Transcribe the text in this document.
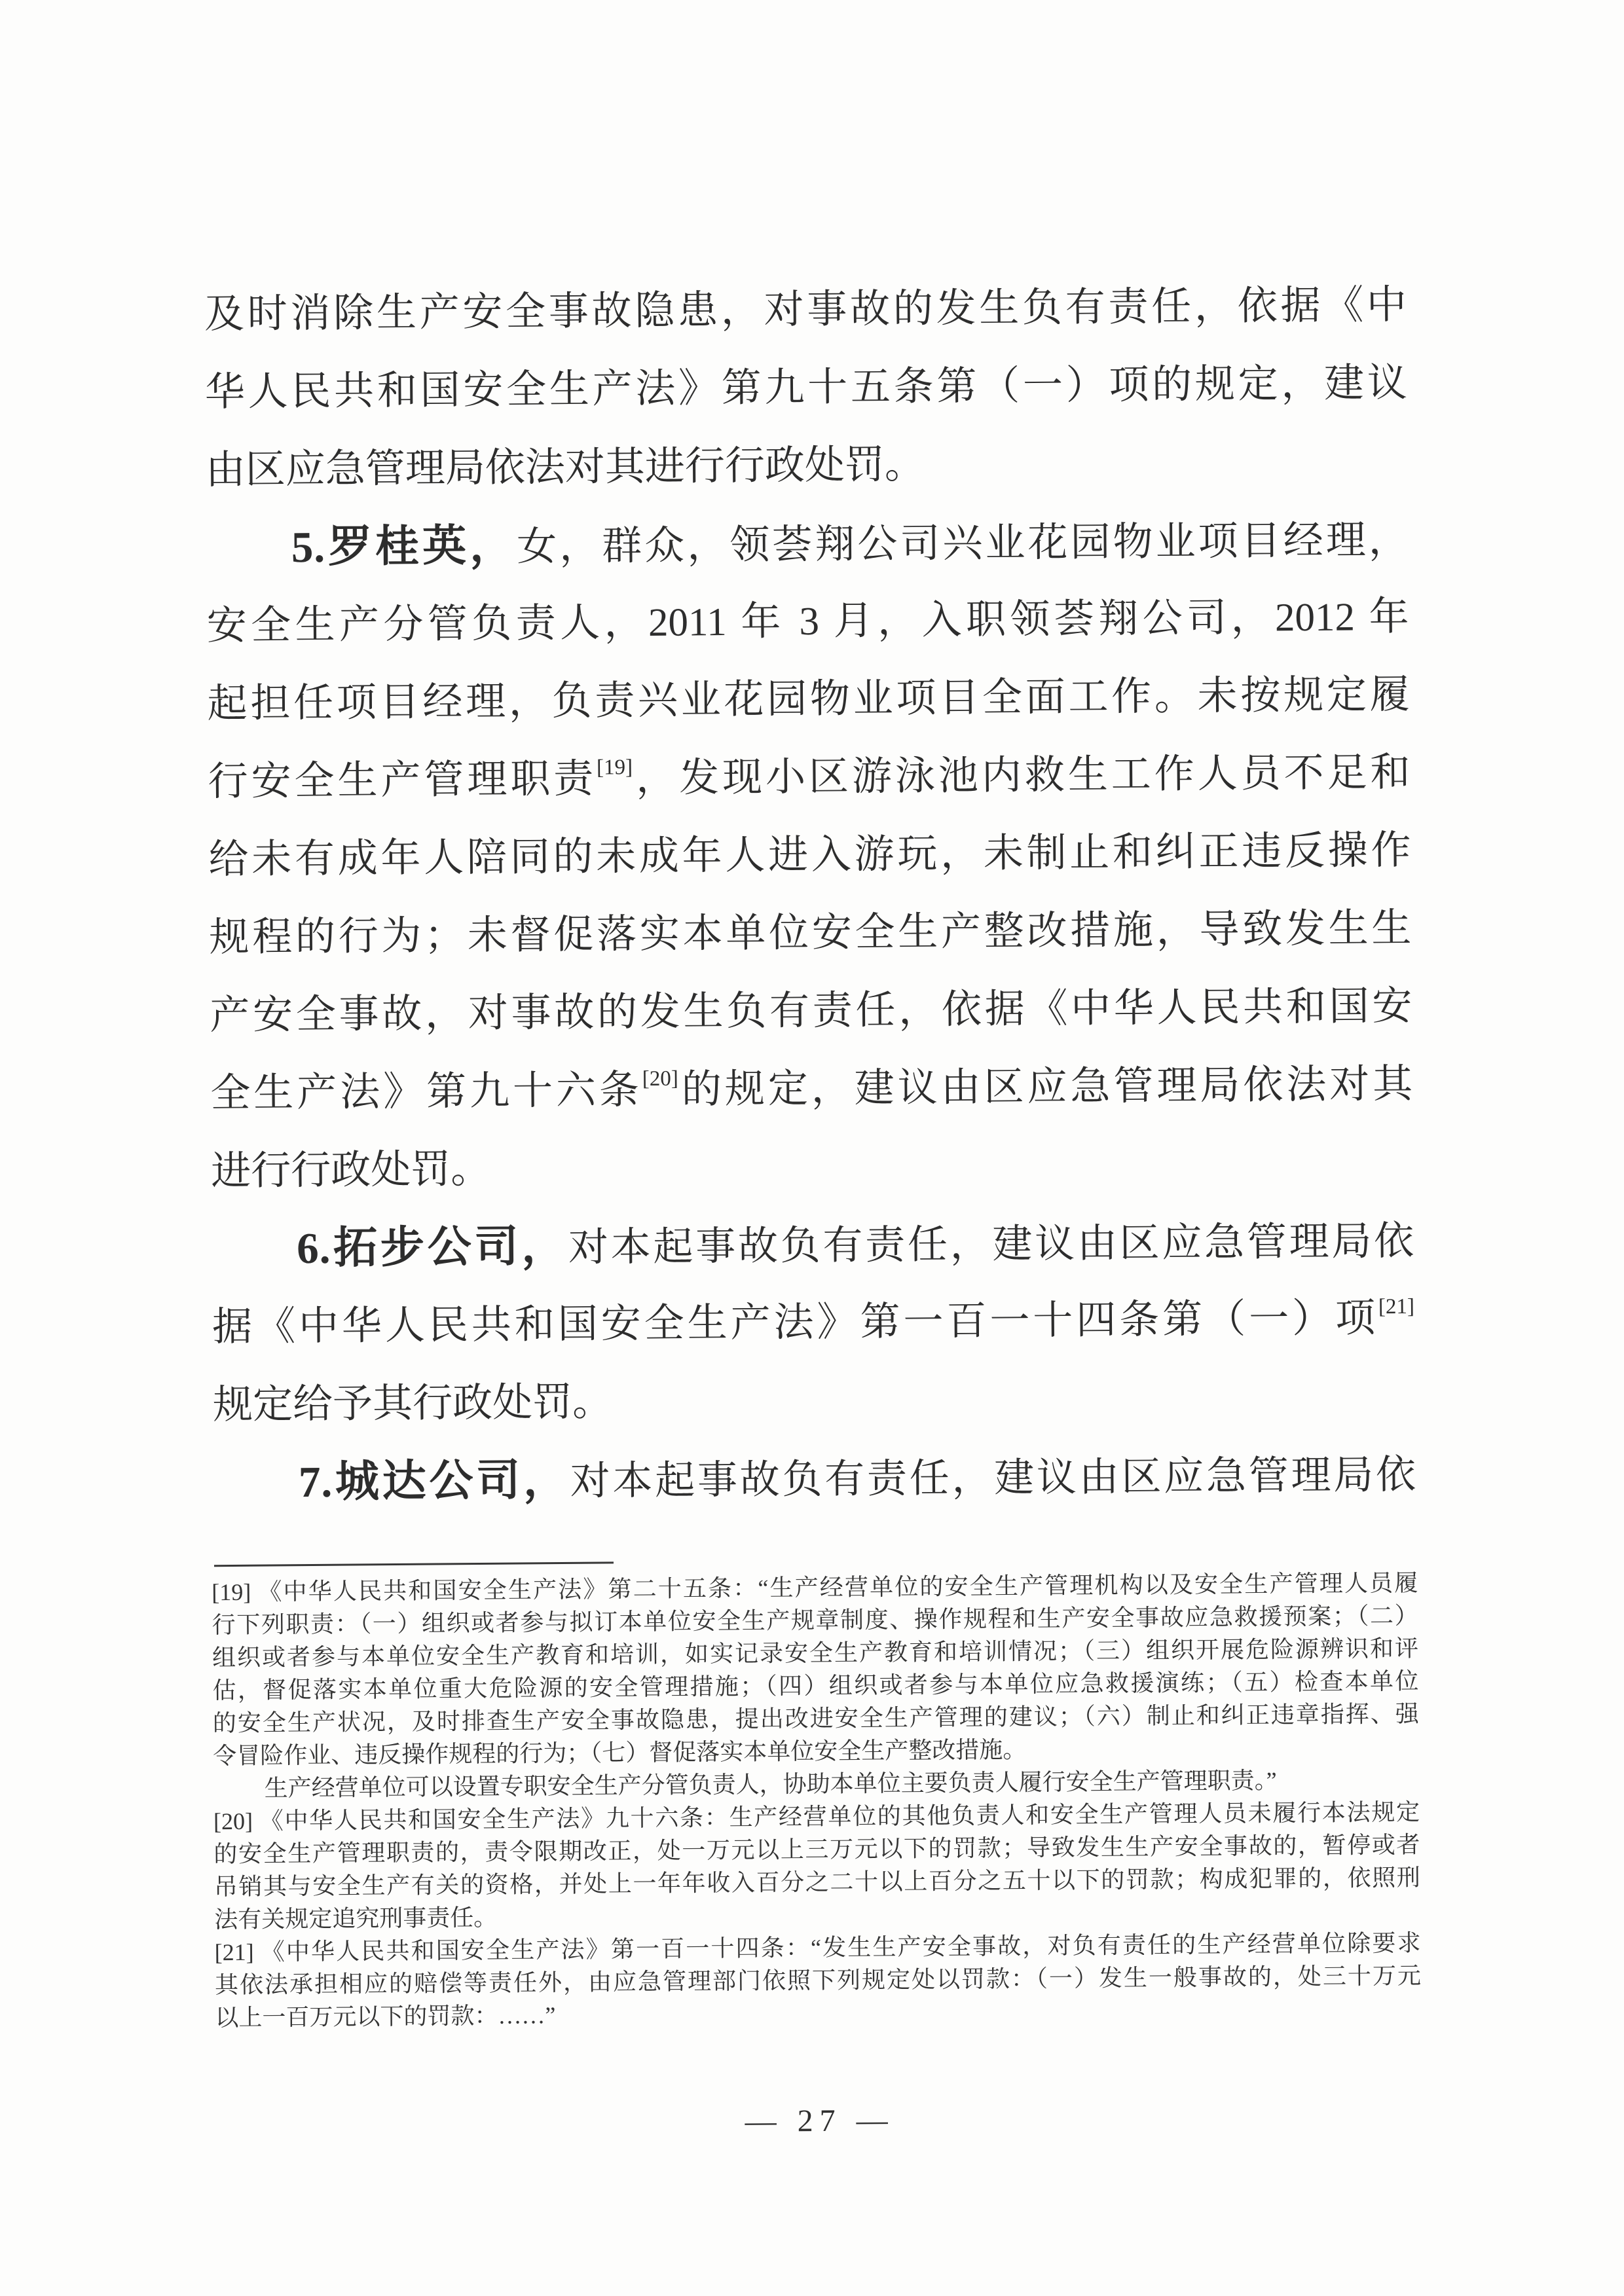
及时消除生产安全事故隐患，对事故的发生负有责任，依据《中
华人民共和国安全生产法》第九十五条第（一）项的规定，建议
由区应急管理局依法对其进行行政处罚。
5.罗桂英，女，群众，领荟翔公司兴业花园物业项目经理，
安全生产分管负责人，2011 年 3 月，入职领荟翔公司，2012 年
起担任项目经理，负责兴业花园物业项目全面工作。未按规定履
行安全生产管理职责[19]，发现小区游泳池内救生工作人员不足和
给未有成年人陪同的未成年人进入游玩，未制止和纠正违反操作
规程的行为；未督促落实本单位安全生产整改措施，导致发生生
产安全事故，对事故的发生负有责任，依据《中华人民共和国安
全生产法》第九十六条[20]的规定，建议由区应急管理局依法对其
进行行政处罚。
6.拓步公司，对本起事故负有责任，建议由区应急管理局依
据《中华人民共和国安全生产法》第一百一十四条第（一）项[21]
规定给予其行政处罚。
7.城达公司，对本起事故负有责任，建议由区应急管理局依
[19] 《中华人民共和国安全生产法》第二十五条：“生产经营单位的安全生产管理机构以及安全生产管理人员履
行下列职责：（一）组织或者参与拟订本单位安全生产规章制度、操作规程和生产安全事故应急救援预案；（二）
组织或者参与本单位安全生产教育和培训，如实记录安全生产教育和培训情况；（三）组织开展危险源辨识和评
估，督促落实本单位重大危险源的安全管理措施；（四）组织或者参与本单位应急救援演练；（五）检查本单位
的安全生产状况，及时排查生产安全事故隐患，提出改进安全生产管理的建议；（六）制止和纠正违章指挥、强
令冒险作业、违反操作规程的行为；（七）督促落实本单位安全生产整改措施。
生产经营单位可以设置专职安全生产分管负责人，协助本单位主要负责人履行安全生产管理职责。”
[20] 《中华人民共和国安全生产法》九十六条：生产经营单位的其他负责人和安全生产管理人员未履行本法规定
的安全生产管理职责的，责令限期改正，处一万元以上三万元以下的罚款；导致发生生产安全事故的，暂停或者
吊销其与安全生产有关的资格，并处上一年年收入百分之二十以上百分之五十以下的罚款；构成犯罪的，依照刑
法有关规定追究刑事责任。
[21] 《中华人民共和国安全生产法》第一百一十四条：“发生生产安全事故，对负有责任的生产经营单位除要求
其依法承担相应的赔偿等责任外，由应急管理部门依照下列规定处以罚款：（一）发生一般事故的，处三十万元
以上一百万元以下的罚款：……”
— 27 —
